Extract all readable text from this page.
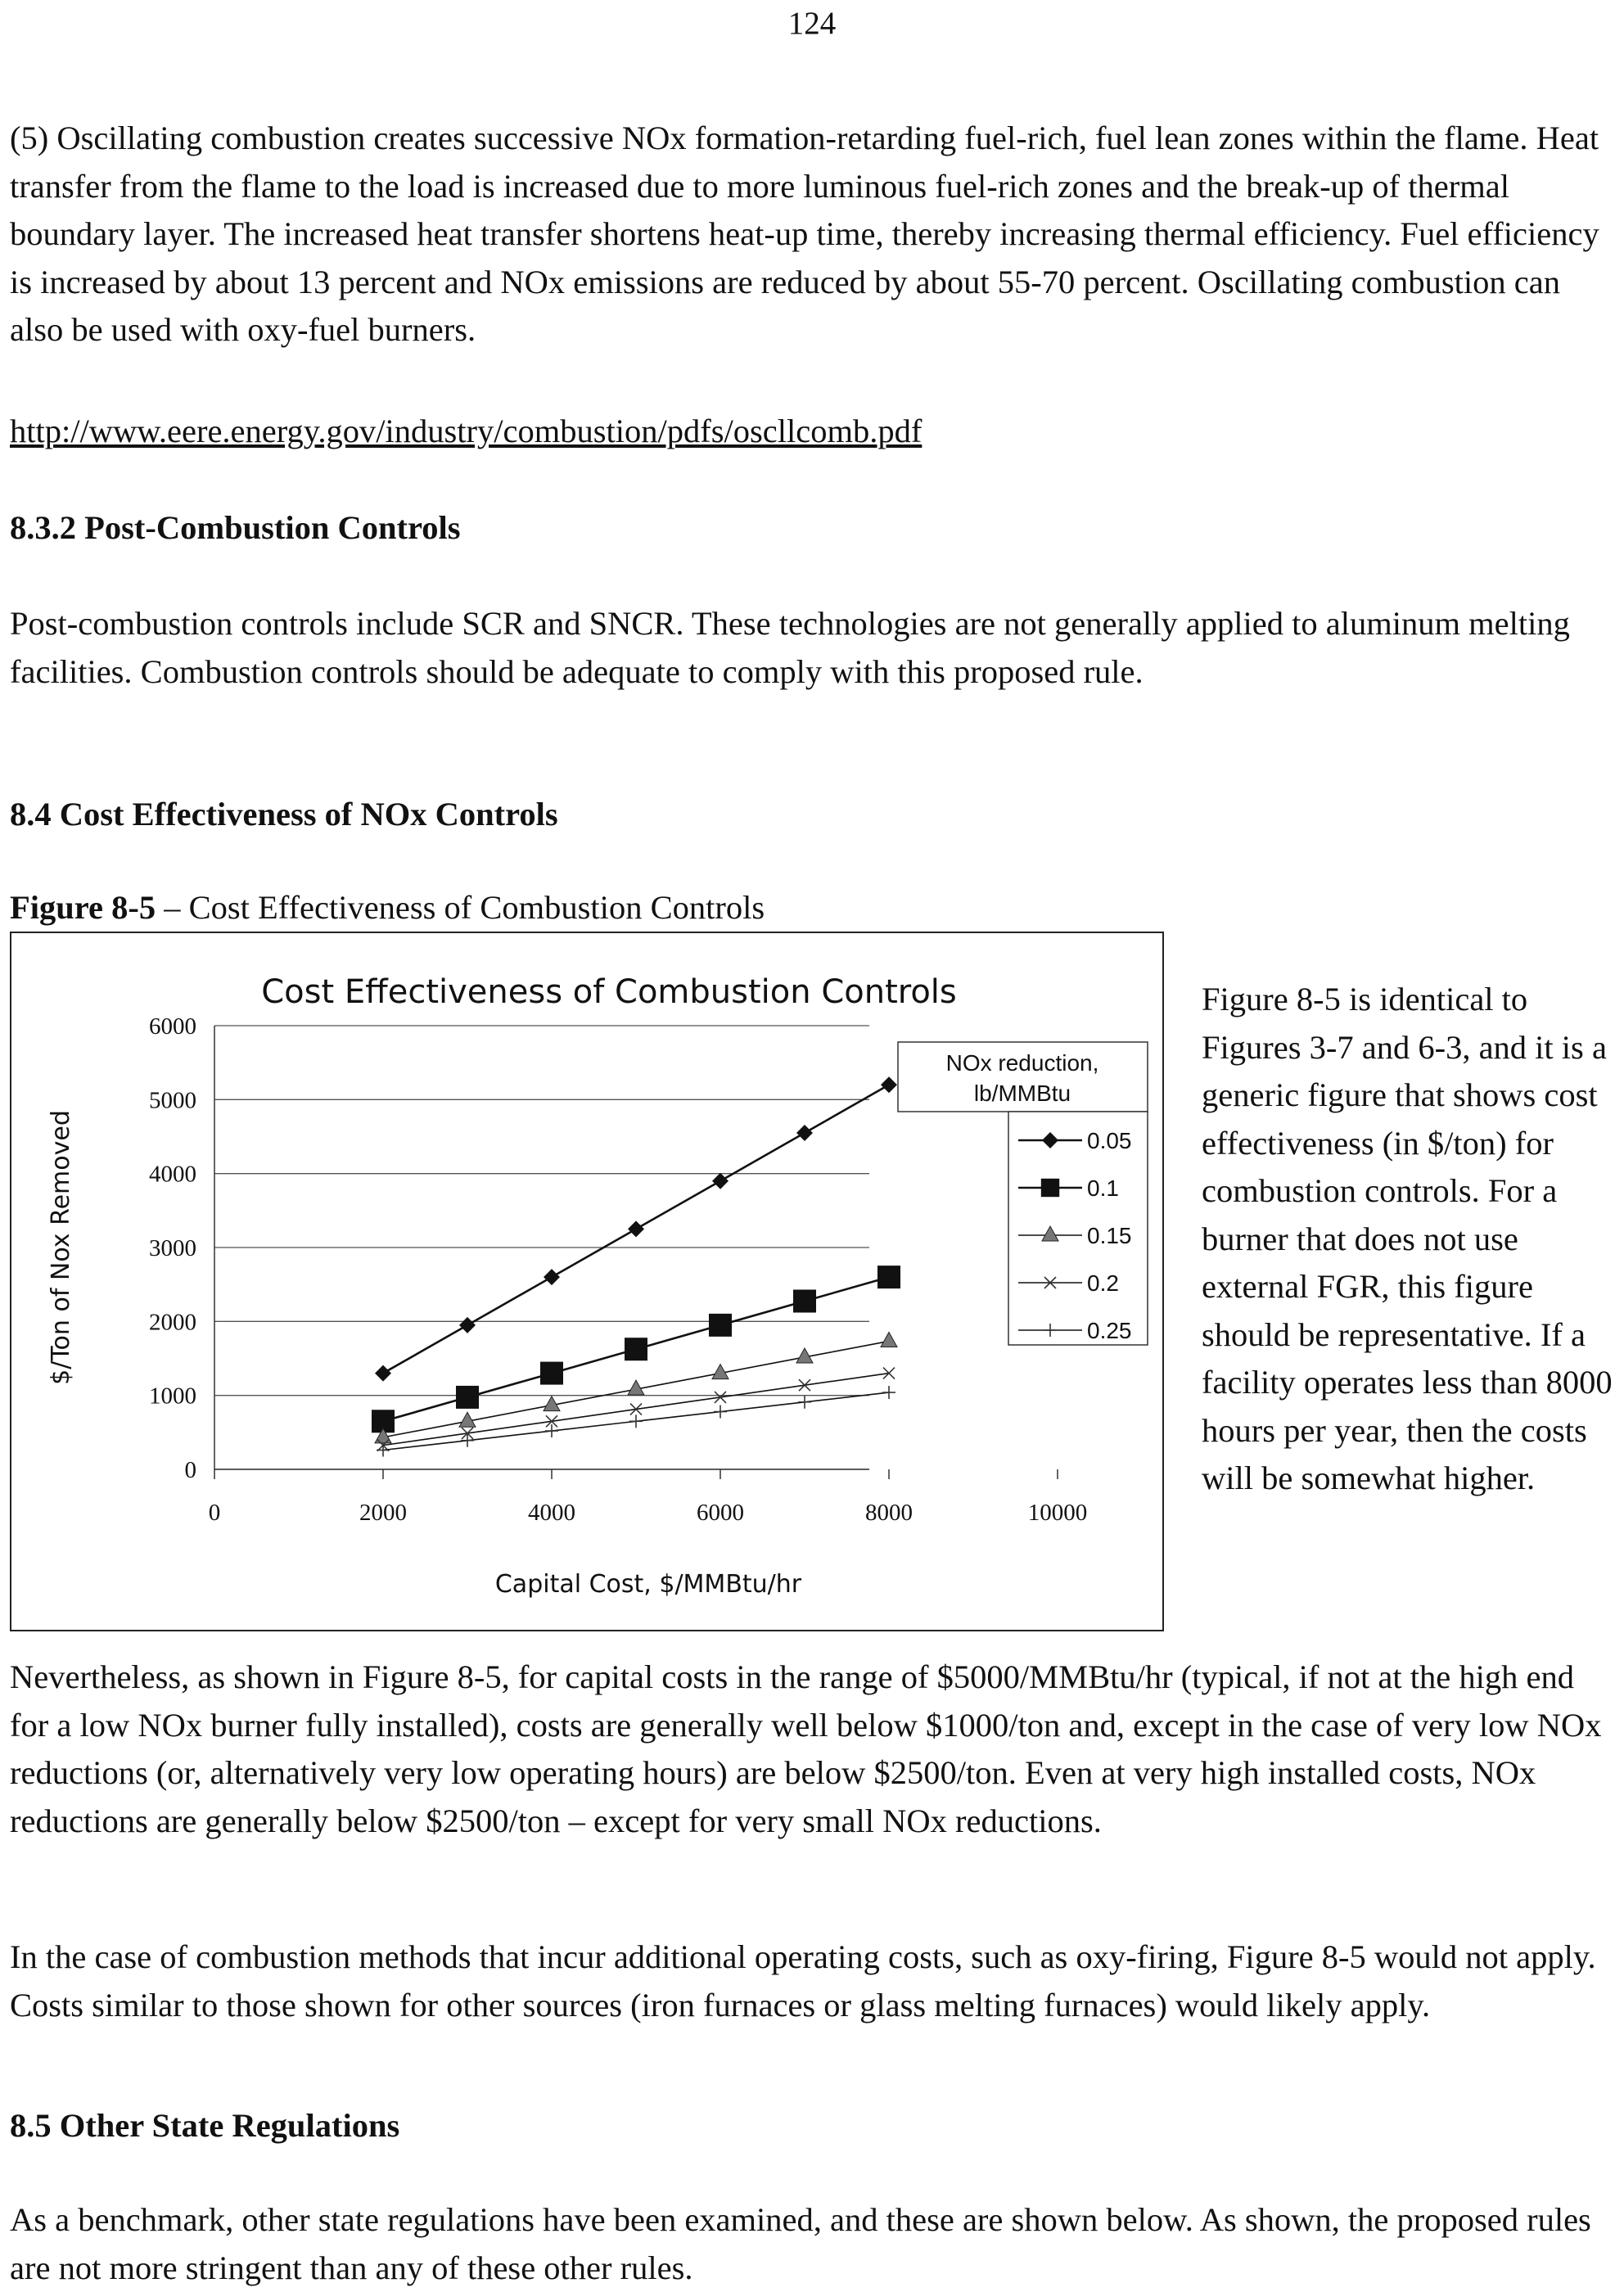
124

(5) Oscillating combustion creates successive NOx formation-retarding fuel-rich, fuel lean zones within the flame. Heat transfer from the flame to the load is increased due to more luminous fuel-rich zones and the break-up of thermal boundary layer. The increased heat transfer shortens heat-up time, thereby increasing thermal efficiency. Fuel efficiency is increased by about 13 percent and NOx emissions are reduced by about 55-70 percent. Oscillating combustion can also be used with oxy-fuel burners.

http://www.eere.energy.gov/industry/combustion/pdfs/oscllcomb.pdf

8.3.2 Post-Combustion Controls

Post-combustion controls include SCR and SNCR. These technologies are not generally applied to aluminum melting facilities. Combustion controls should be adequate to comply with this proposed rule.

8.4 Cost Effectiveness of NOx Controls

Figure 8-5 – Cost Effectiveness of Combustion Controls

Cost Effectiveness of Combustion Controls
$/Ton of Nox Removed
Capital Cost, $/MMBtu/hr
0
1000
2000
3000
4000
5000
6000
0	2000	4000	6000	8000	10000
NOx reduction,
lb/MMBtu
0.05
0.1
0.15
0.2
0.25

Figure 8-5 is identical to Figures 3-7 and 6-3, and it is a generic figure that shows cost effectiveness (in $/ton) for combustion controls. For a burner that does not use external FGR, this figure should be representative. If a facility operates less than 8000 hours per year, then the costs will be somewhat higher.

Nevertheless, as shown in Figure 8-5, for capital costs in the range of $5000/MMBtu/hr (typical, if not at the high end for a low NOx burner fully installed), costs are generally well below $1000/ton and, except in the case of very low NOx reductions (or, alternatively very low operating hours) are below $2500/ton. Even at very high installed costs, NOx reductions are generally below $2500/ton – except for very small NOx reductions.

In the case of combustion methods that incur additional operating costs, such as oxy-firing, Figure 8-5 would not apply. Costs similar to those shown for other sources (iron furnaces or glass melting furnaces) would likely apply.

8.5 Other State Regulations

As a benchmark, other state regulations have been examined, and these are shown below. As shown, the proposed rules are not more stringent than any of these other rules.
